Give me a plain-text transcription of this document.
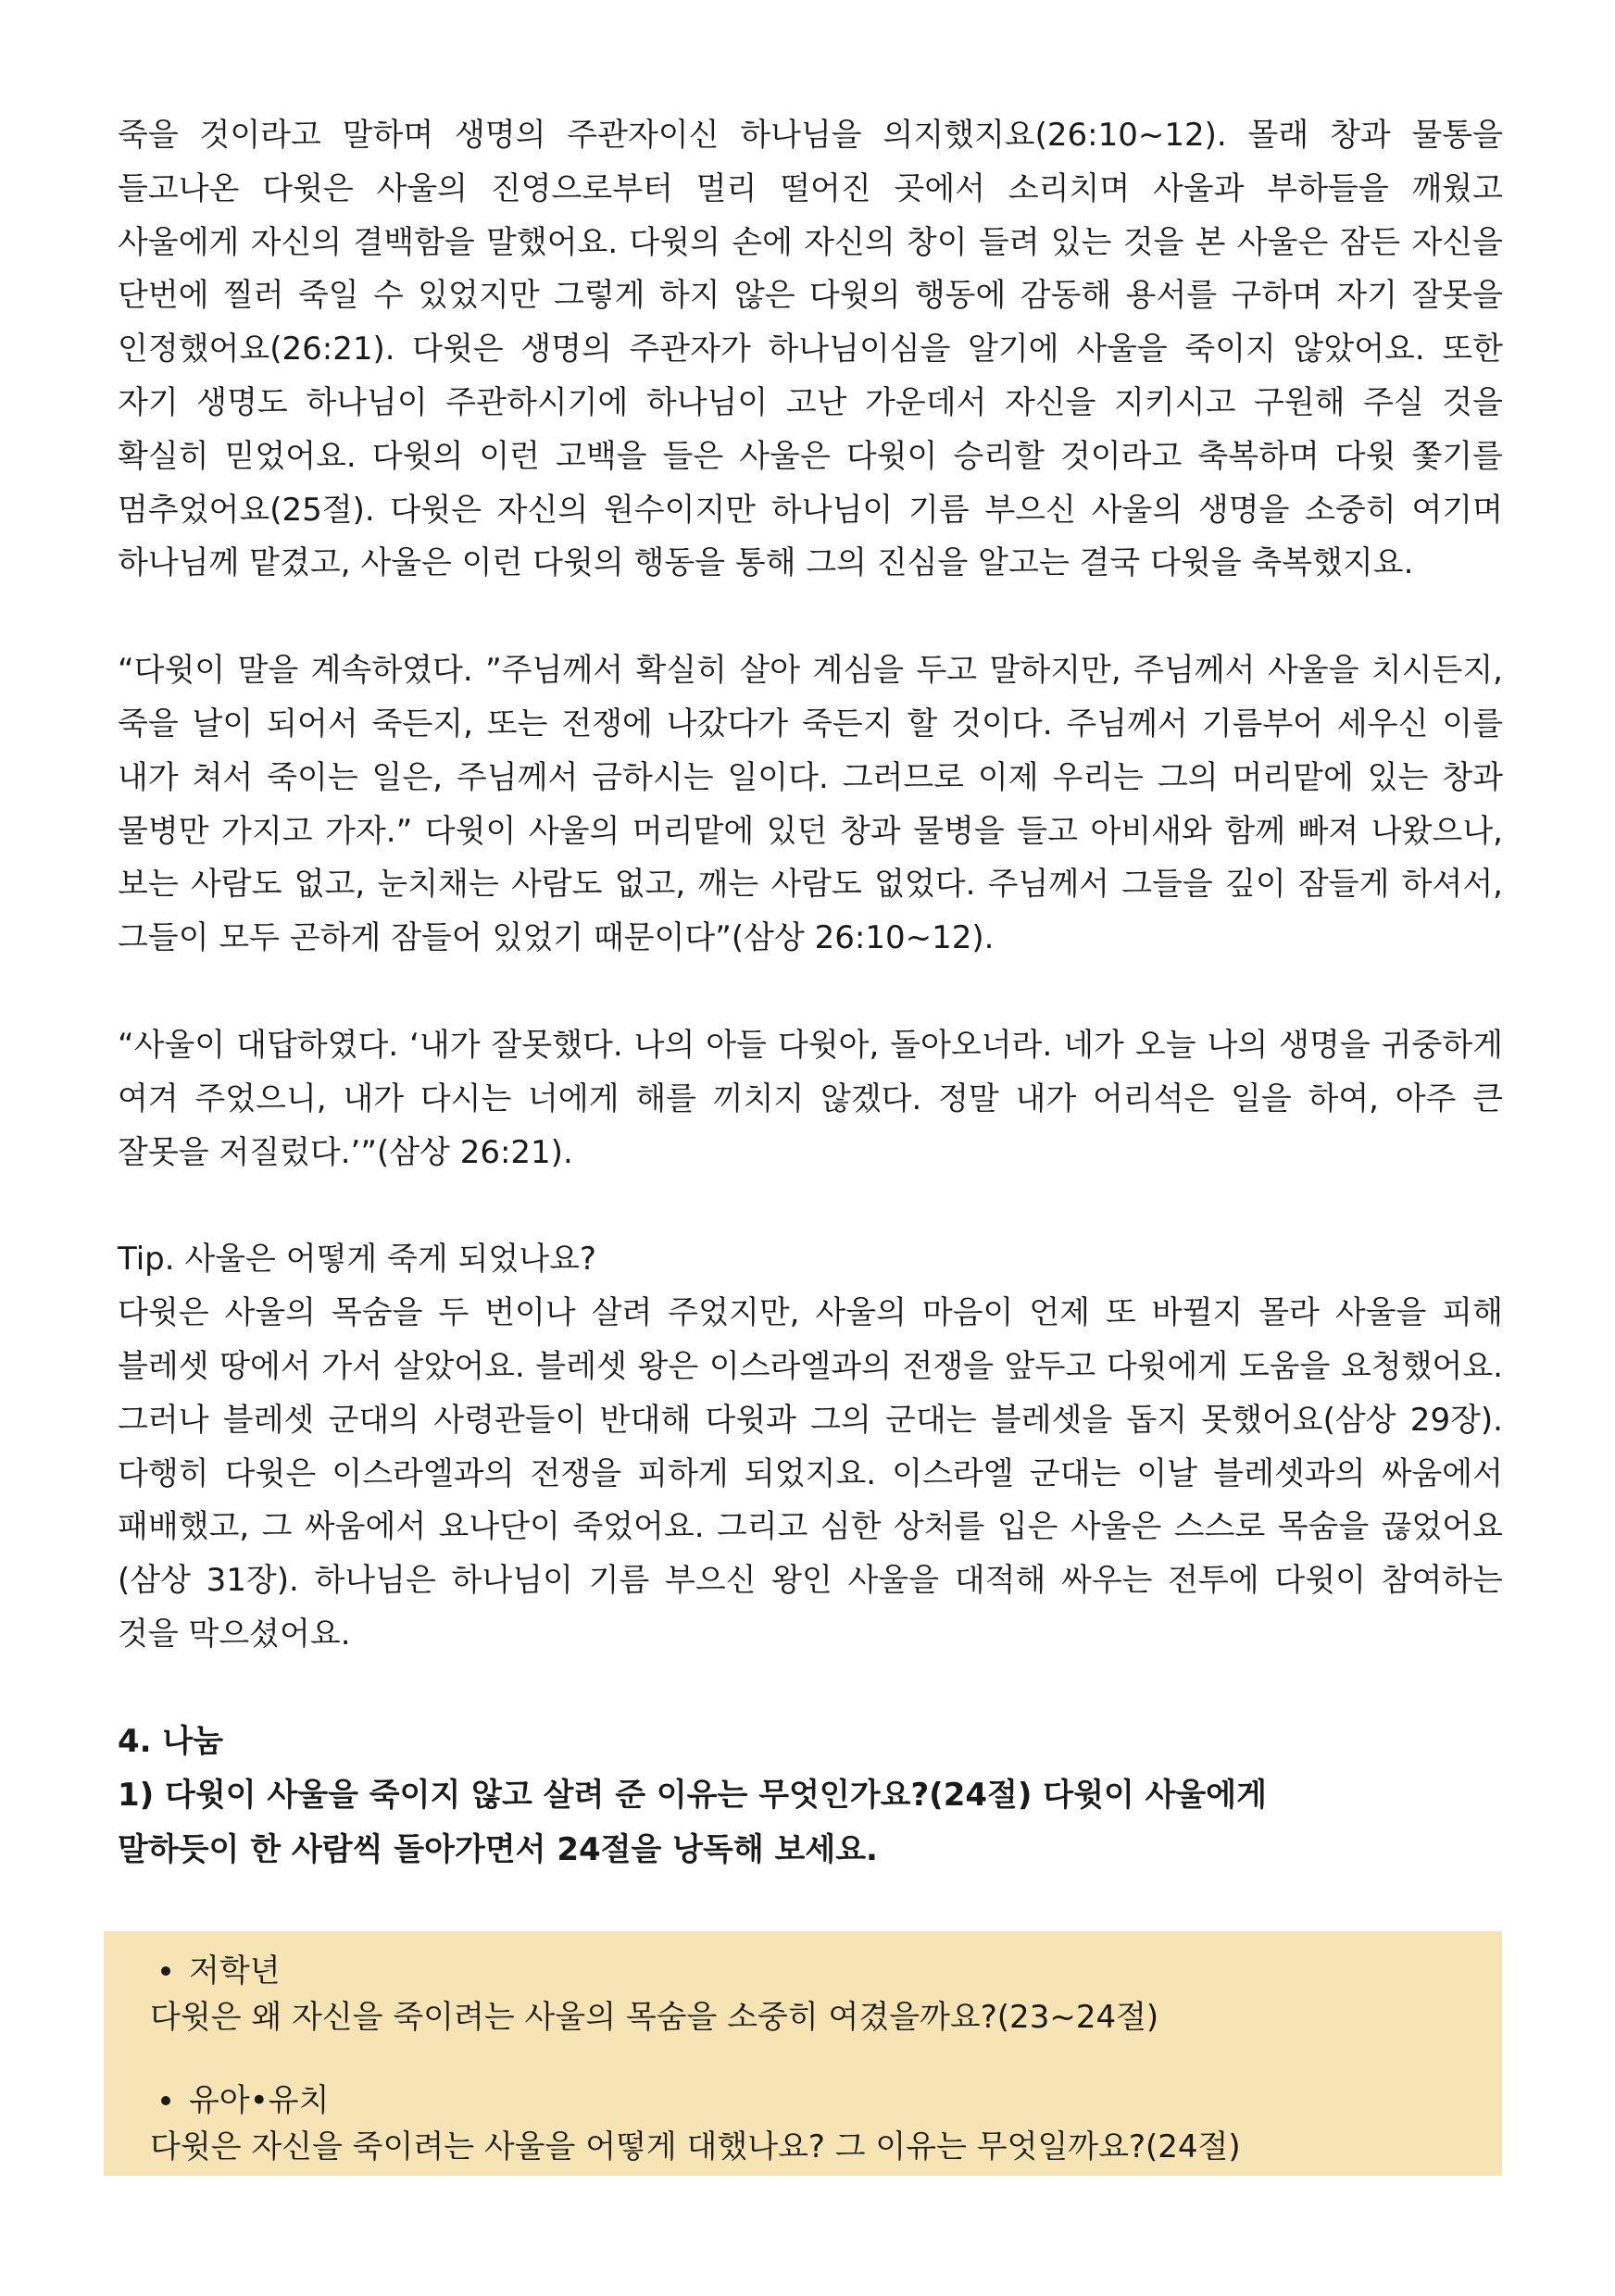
죽을 것이라고 말하며 생명의 주관자이신 하나님을 의지했지요(26:10~12). 몰래 창과 물통을 들고나온 다윗은 사울의 진영으로부터 멀리 떨어진 곳에서 소리치며 사울과 부하들을 깨웠고 사울에게 자신의 결백함을 말했어요. 다윗의 손에 자신의 창이 들려 있는 것을 본 사울은 잠든 자신을 단번에 찔러 죽일 수 있었지만 그렇게 하지 않은 다윗의 행동에 감동해 용서를 구하며 자기 잘못을 인정했어요(26:21). 다윗은 생명의 주관자가 하나님이심을 알기에 사울을 죽이지 않았어요. 또한 자기 생명도 하나님이 주관하시기에 하나님이 고난 가운데서 자신을 지키시고 구원해 주실 것을 확실히 믿었어요. 다윗의 이런 고백을 들은 사울은 다윗이 승리할 것이라고 축복하며 다윗 쫓기를 멈추었어요(25절). 다윗은 자신의 원수이지만 하나님이 기름 부으신 사울의 생명을 소중히 여기며 하나님께 맡겼고, 사울은 이런 다윗의 행동을 통해 그의 진심을 알고는 결국 다윗을 축복했지요.

“다윗이 말을 계속하였다. ”주님께서 확실히 살아 계심을 두고 말하지만, 주님께서 사울을 치시든지, 죽을 날이 되어서 죽든지, 또는 전쟁에 나갔다가 죽든지 할 것이다. 주님께서 기름부어 세우신 이를 내가 쳐서 죽이는 일은, 주님께서 금하시는 일이다. 그러므로 이제 우리는 그의 머리맡에 있는 창과 물병만 가지고 가자.” 다윗이 사울의 머리맡에 있던 창과 물병을 들고 아비새와 함께 빠져 나왔으나, 보는 사람도 없고, 눈치채는 사람도 없고, 깨는 사람도 없었다. 주님께서 그들을 깊이 잠들게 하셔서, 그들이 모두 곤하게 잠들어 있었기 때문이다”(삼상 26:10~12).

“사울이 대답하였다. ‘내가 잘못했다. 나의 아들 다윗아, 돌아오너라. 네가 오늘 나의 생명을 귀중하게 여겨 주었으니, 내가 다시는 너에게 해를 끼치지 않겠다. 정말 내가 어리석은 일을 하여, 아주 큰 잘못을 저질렀다.’”(삼상 26:21).

Tip. 사울은 어떻게 죽게 되었나요?

다윗은 사울의 목숨을 두 번이나 살려 주었지만, 사울의 마음이 언제 또 바뀔지 몰라 사울을 피해 블레셋 땅에서 가서 살았어요. 블레셋 왕은 이스라엘과의 전쟁을 앞두고 다윗에게 도움을 요청했어요. 그러나 블레셋 군대의 사령관들이 반대해 다윗과 그의 군대는 블레셋을 돕지 못했어요(삼상 29장). 다행히 다윗은 이스라엘과의 전쟁을 피하게 되었지요. 이스라엘 군대는 이날 블레셋과의 싸움에서 패배했고, 그 싸움에서 요나단이 죽었어요. 그리고 심한 상처를 입은 사울은 스스로 목숨을 끊었어요(삼상 31장). 하나님은 하나님이 기름 부으신 왕인 사울을 대적해 싸우는 전투에 다윗이 참여하는 것을 막으셨어요.

4. 나눔

1) 다윗이 사울을 죽이지 않고 살려 준 이유는 무엇인가요?(24절) 다윗이 사울에게

말하듯이 한 사람씩 돌아가면서 24절을 낭독해 보세요.

저학년

다윗은 왜 자신을 죽이려는 사울의 목숨을 소중히 여겼을까요?(23~24절)

유아•유치

다윗은 자신을 죽이려는 사울을 어떻게 대했나요? 그 이유는 무엇일까요?(24절)
